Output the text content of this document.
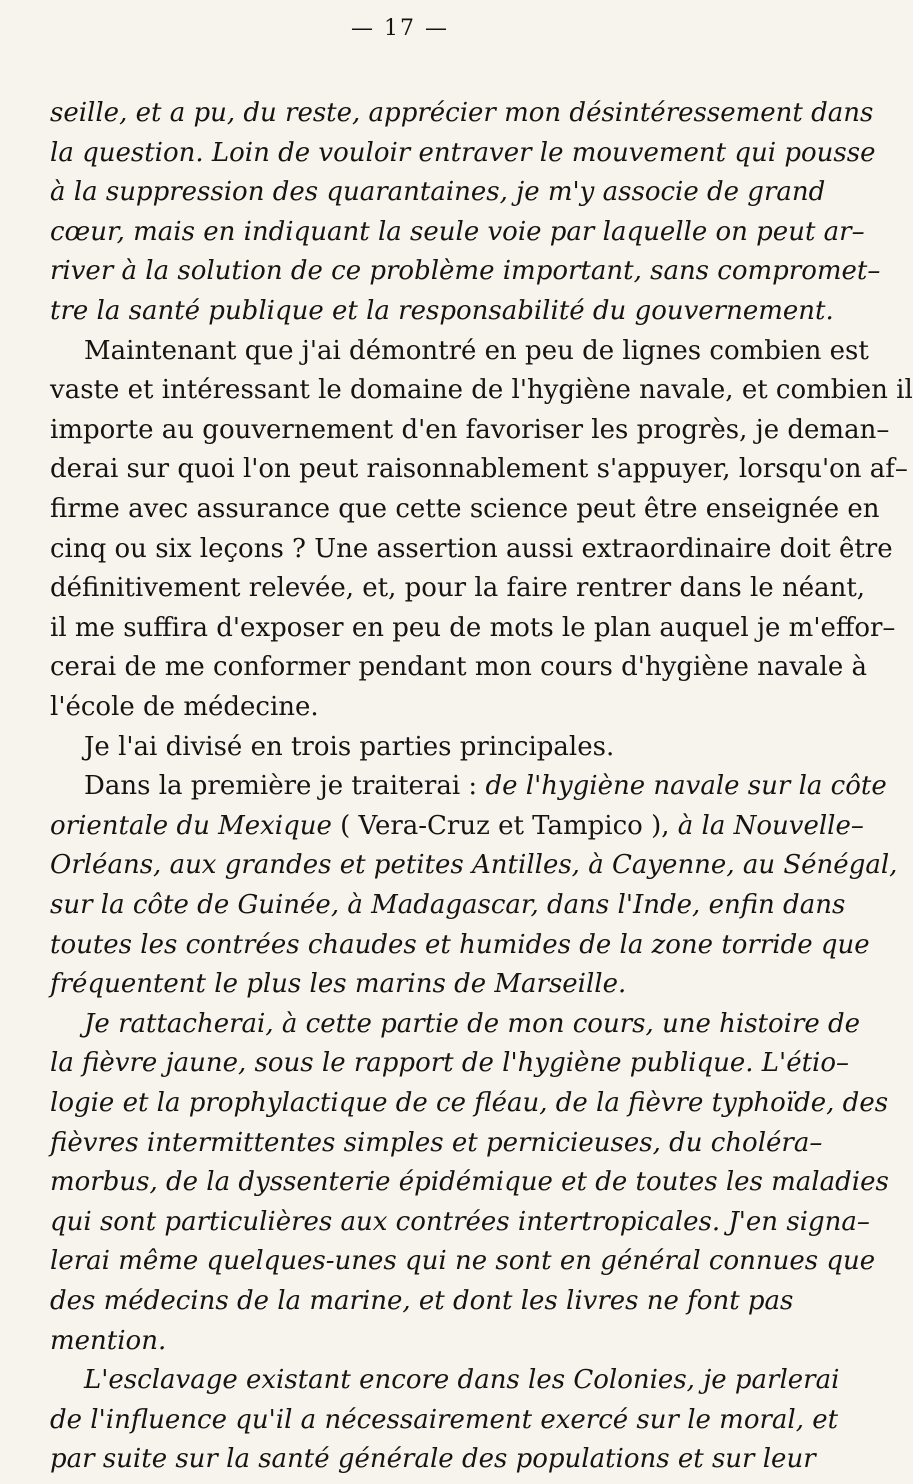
— 17 —
seille, et a pu, du reste, apprécier mon désintéressement dans
la question. Loin de vouloir entraver le mouvement qui pousse
à la suppression des quarantaines, je m'y associe de grand
cœur, mais en indiquant la seule voie par laquelle on peut ar–
river à la solution de ce problème important, sans compromet–
tre la santé publique et la responsabilité du gouvernement.
Maintenant que j'ai démontré en peu de lignes combien est
vaste et intéressant le domaine de l'hygiène navale, et combien il
importe au gouvernement d'en favoriser les progrès, je deman–
derai sur quoi l'on peut raisonnablement s'appuyer, lorsqu'on af–
firme avec assurance que cette science peut être enseignée en
cinq ou six leçons ? Une assertion aussi extraordinaire doit être
définitivement relevée, et, pour la faire rentrer dans le néant,
il me suffira d'exposer en peu de mots le plan auquel je m'effor–
cerai de me conformer pendant mon cours d'hygiène navale à
l'école de médecine.
Je l'ai divisé en trois parties principales.
Dans la première je traiterai : de l'hygiène navale sur la côte
orientale du Mexique ( Vera-Cruz et Tampico ), à la Nouvelle–
Orléans, aux grandes et petites Antilles, à Cayenne, au Sénégal,
sur la côte de Guinée, à Madagascar, dans l'Inde, enfin dans
toutes les contrées chaudes et humides de la zone torride que
fréquentent le plus les marins de Marseille.
Je rattacherai, à cette partie de mon cours, une histoire de
la fièvre jaune, sous le rapport de l'hygiène publique. L'étio–
logie et la prophylactique de ce fléau, de la fièvre typhoïde, des
fièvres intermittentes simples et pernicieuses, du choléra–
morbus, de la dyssenterie épidémique et de toutes les maladies
qui sont particulières aux contrées intertropicales. J'en signa–
lerai même quelques-unes qui ne sont en général connues que
des médecins de la marine, et dont les livres ne font pas
mention.
L'esclavage existant encore dans les Colonies, je parlerai
de l'influence qu'il a nécessairement exercé sur le moral, et
par suite sur la santé générale des populations et sur leur
